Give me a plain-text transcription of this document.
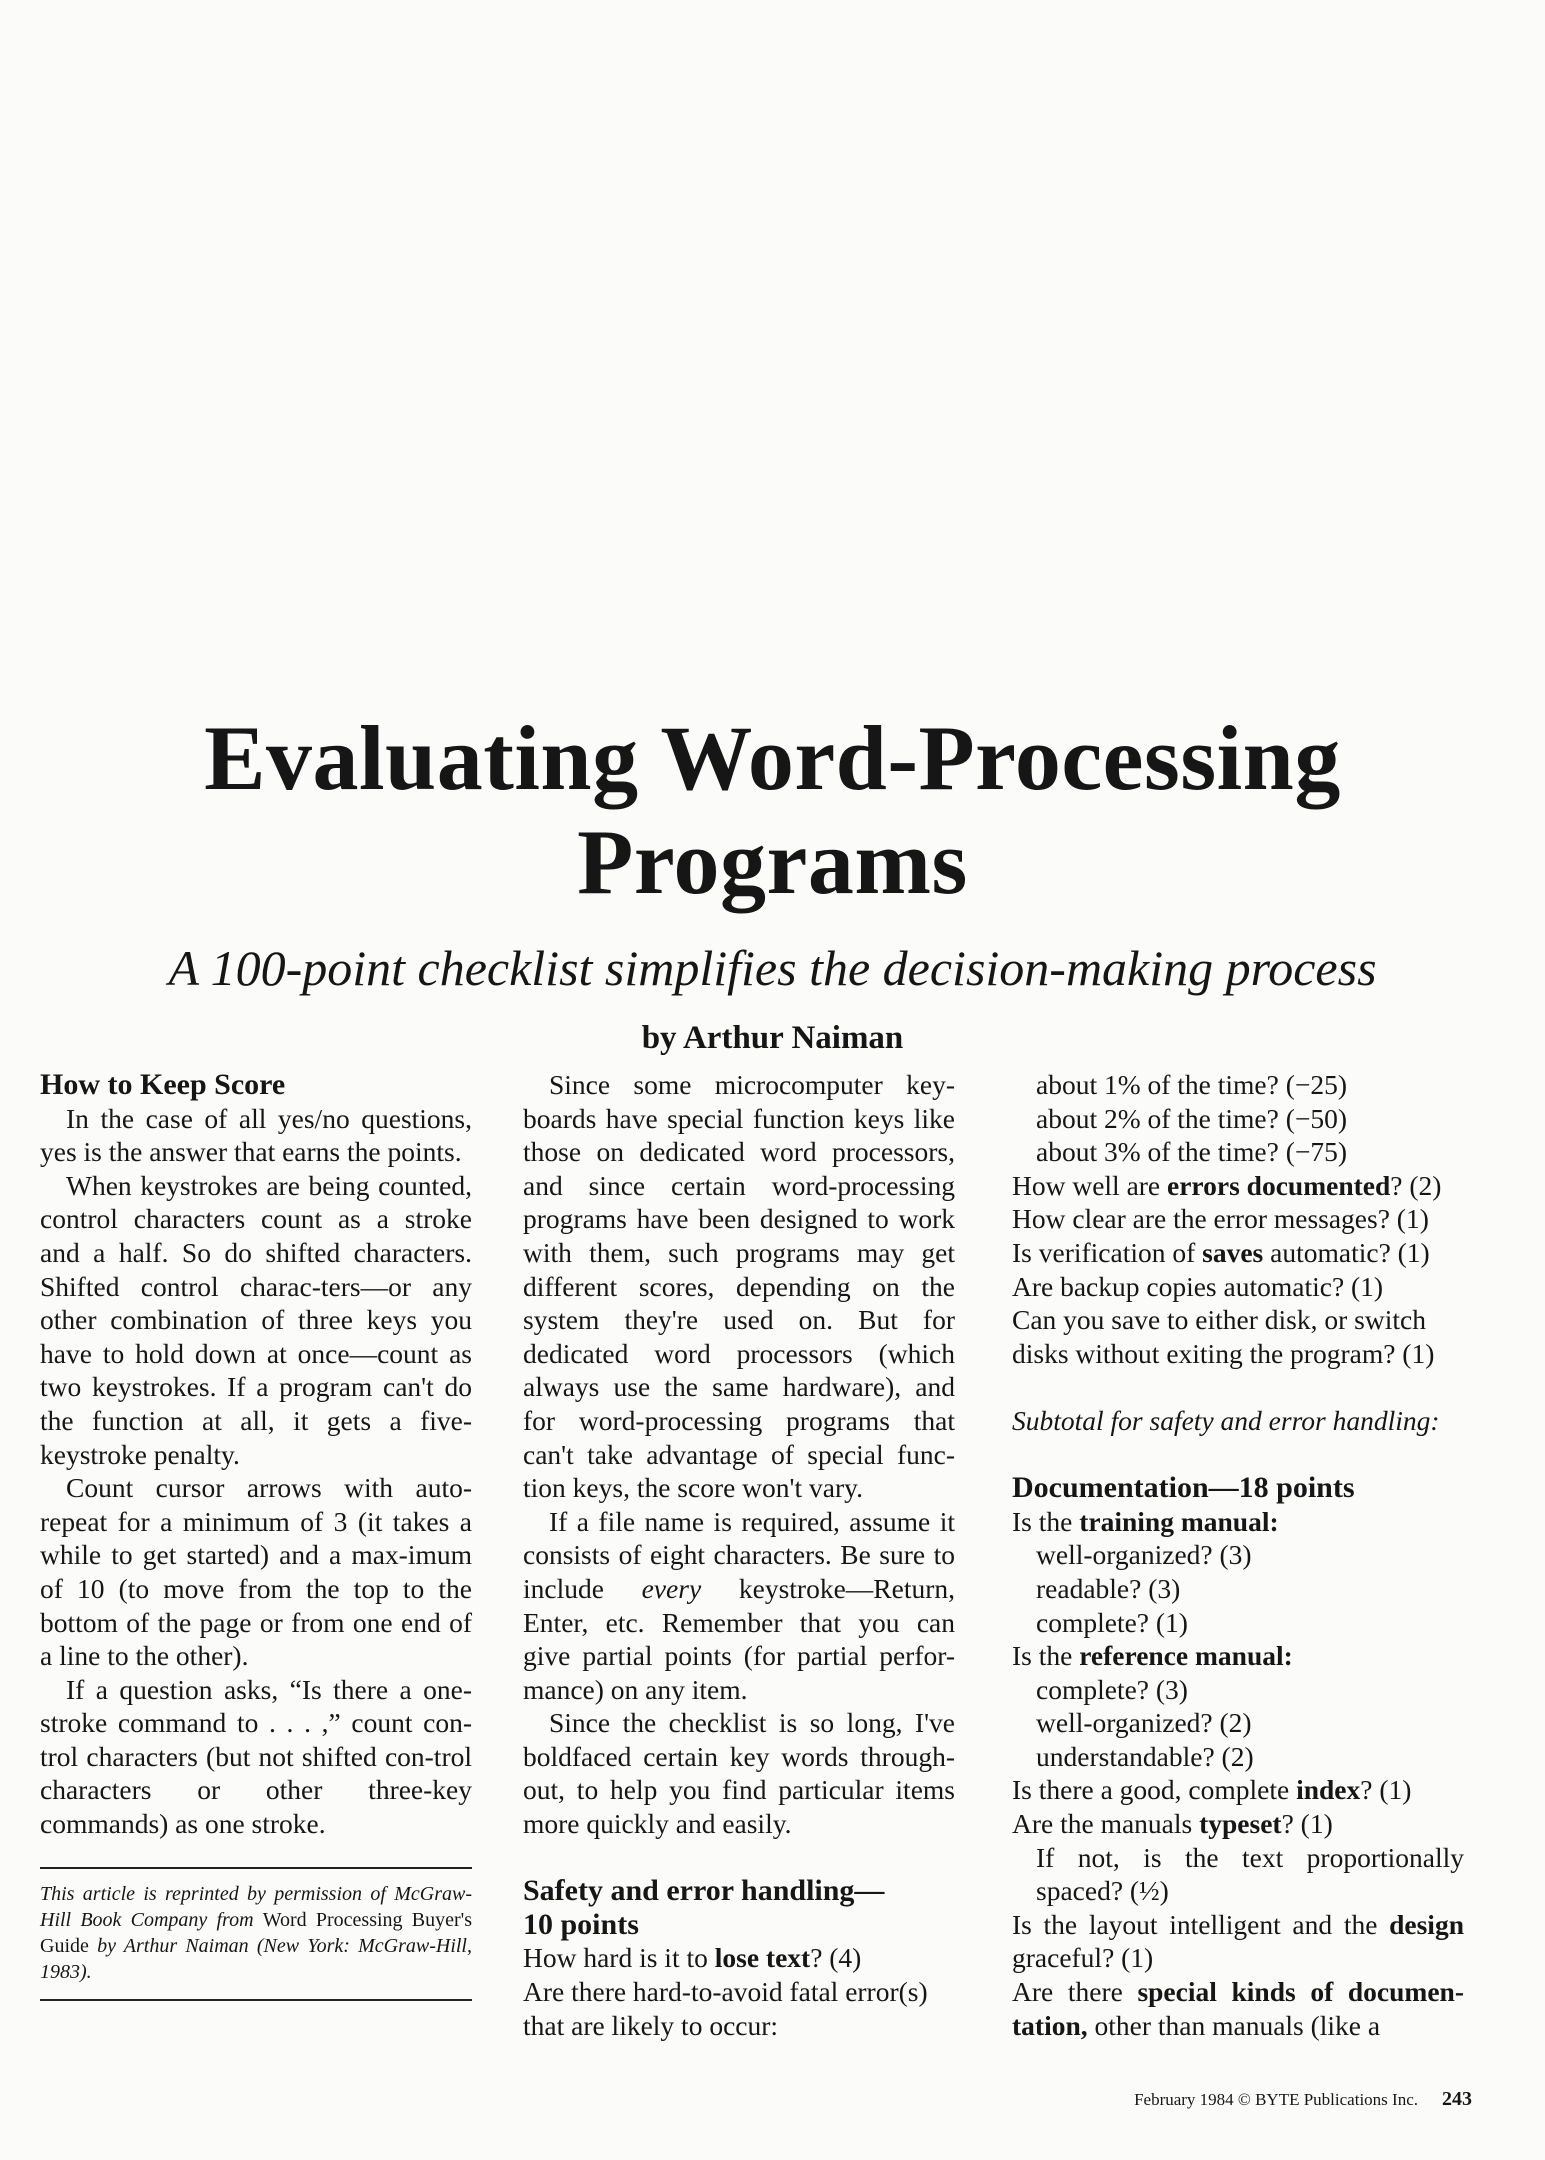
Evaluating Word-Processing
Programs
A 100-point checklist simplifies the decision-making process
by Arthur Naiman

How to Keep Score

In the case of all yes/no questions, yes is the answer that earns the points.

When keystrokes are being counted, control characters count as a stroke and a half. So do shifted characters. Shifted control charac-ters—or any other combination of three keys you have to hold down at once—count as two keystrokes. If a program can't do the function at all, it gets a five-keystroke penalty.

Count cursor arrows with auto-repeat for a minimum of 3 (it takes a while to get started) and a max-imum of 10 (to move from the top to the bottom of the page or from one end of a line to the other).

If a question asks, “Is there a one-stroke command to . . . ,” count con-trol characters (but not shifted con-trol characters or other three-key commands) as one stroke.

This article is reprinted by permission of McGraw-Hill Book Company from Word Processing Buyer's Guide by Arthur Naiman (New York: McGraw-Hill, 1983).

Since some microcomputer key-boards have special function keys like those on dedicated word processors, and since certain word-processing programs have been designed to work with them, such programs may get different scores, depending on the system they're used on. But for dedicated word processors (which always use the same hardware), and for word-processing programs that can't take advantage of special func-tion keys, the score won't vary.

If a file name is required, assume it consists of eight characters. Be sure to include every keystroke—Return, Enter, etc. Remember that you can give partial points (for partial perfor-mance) on any item.

Since the checklist is so long, I've boldfaced certain key words through-out, to help you find particular items more quickly and easily.

Safety and error handling—
10 points

How hard is it to lose text? (4)

Are there hard-to-avoid fatal error(s) that are likely to occur:

about 1% of the time? (−25)

about 2% of the time? (−50)

about 3% of the time? (−75)

How well are errors documented? (2)

How clear are the error messages? (1)

Is verification of saves automatic? (1)

Are backup copies automatic? (1)

Can you save to either disk, or switch disks without exiting the program? (1)

Subtotal for safety and error handling:

Documentation—18 points

Is the training manual:

well-organized? (3)

readable? (3)

complete? (1)

Is the reference manual:

complete? (3)

well-organized? (2)

understandable? (2)

Is there a good, complete index? (1)

Are the manuals typeset? (1)

If not, is the text proportionally spaced? (½)

Is the layout intelligent and the design graceful? (1)

Are there special kinds of documen-tation, other than manuals (like a

February 1984 © BYTE Publications Inc. 243
